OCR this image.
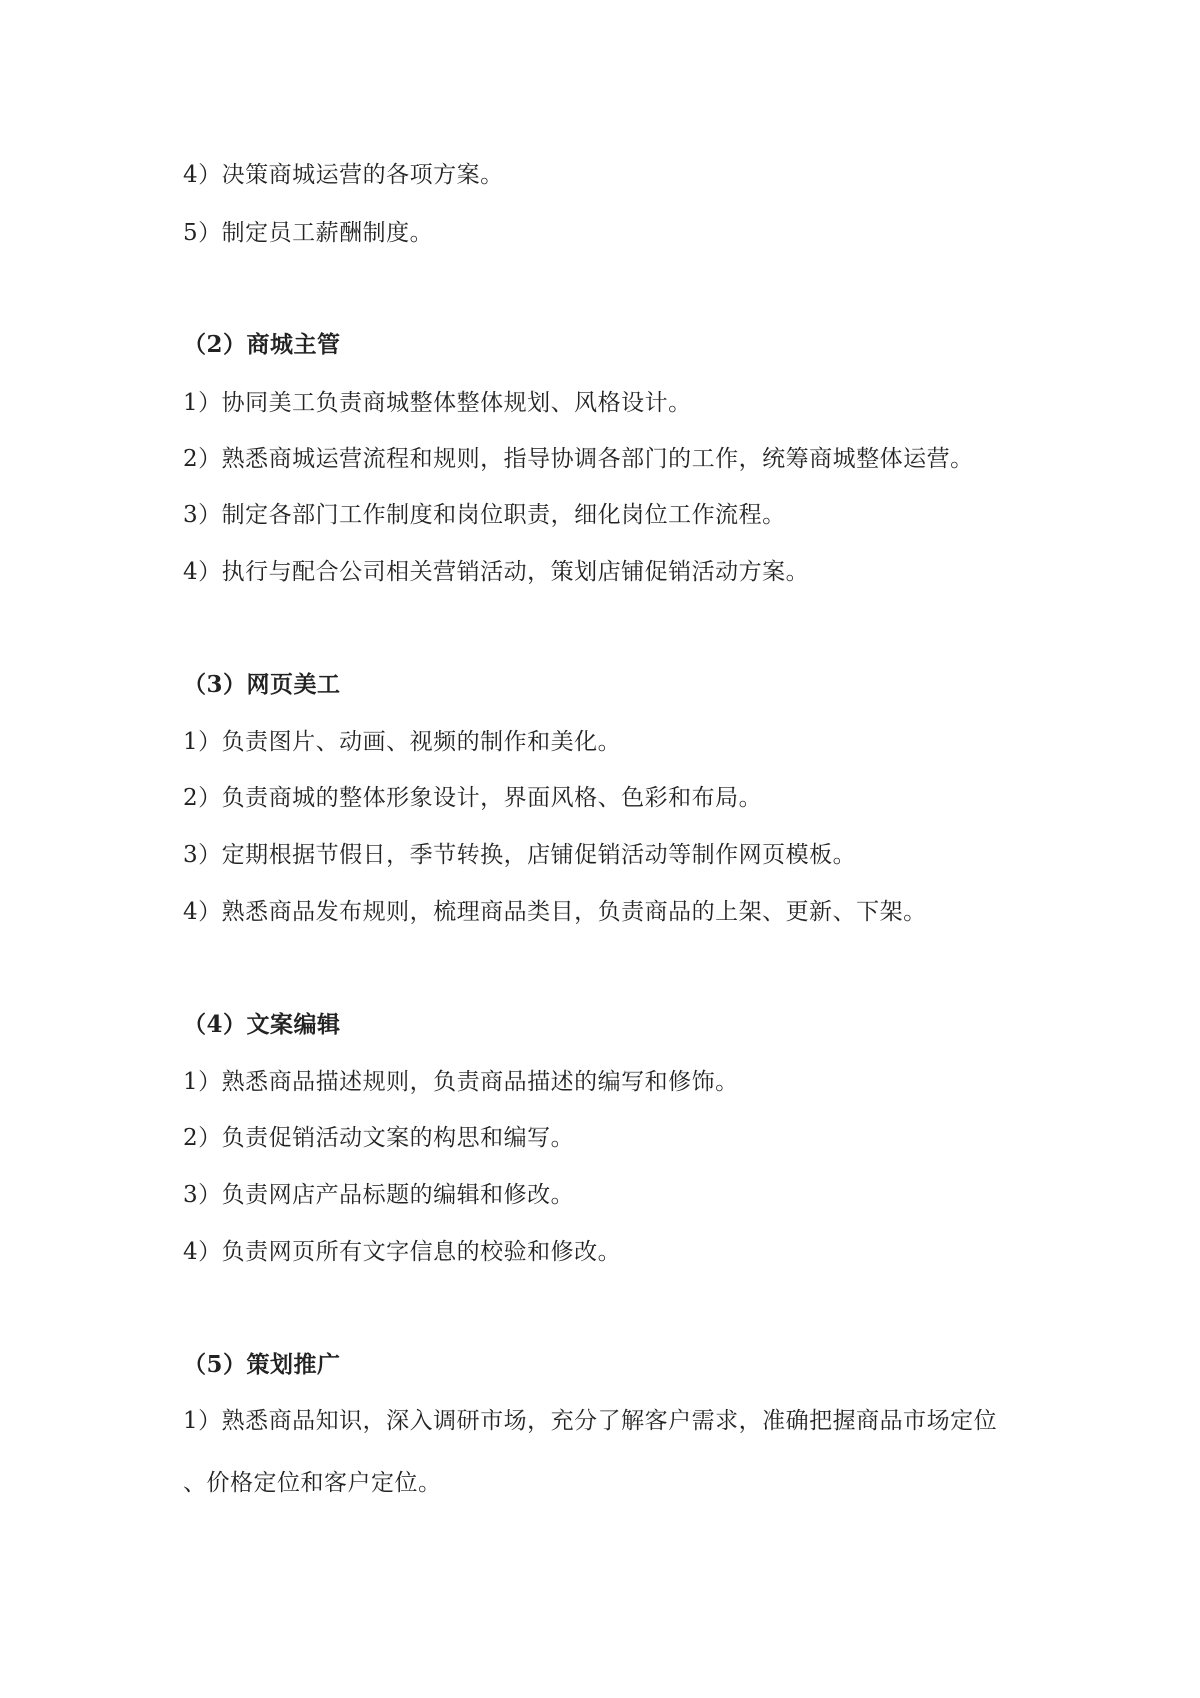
4）决策商城运营的各项方案。
5）制定员工薪酬制度。
（2）商城主管
1）协同美工负责商城整体整体规划、风格设计。
2）熟悉商城运营流程和规则，指导协调各部门的工作，统筹商城整体运营。
3）制定各部门工作制度和岗位职责，细化岗位工作流程。
4）执行与配合公司相关营销活动，策划店铺促销活动方案。
（3）网页美工
1）负责图片、动画、视频的制作和美化。
2）负责商城的整体形象设计，界面风格、色彩和布局。
3）定期根据节假日，季节转换，店铺促销活动等制作网页模板。
4）熟悉商品发布规则，梳理商品类目，负责商品的上架、更新、下架。
（4）文案编辑
1）熟悉商品描述规则，负责商品描述的编写和修饰。
2）负责促销活动文案的构思和编写。
3）负责网店产品标题的编辑和修改。
4）负责网页所有文字信息的校验和修改。
（5）策划推广
1）熟悉商品知识，深入调研市场，充分了解客户需求，准确把握商品市场定位
、价格定位和客户定位。
